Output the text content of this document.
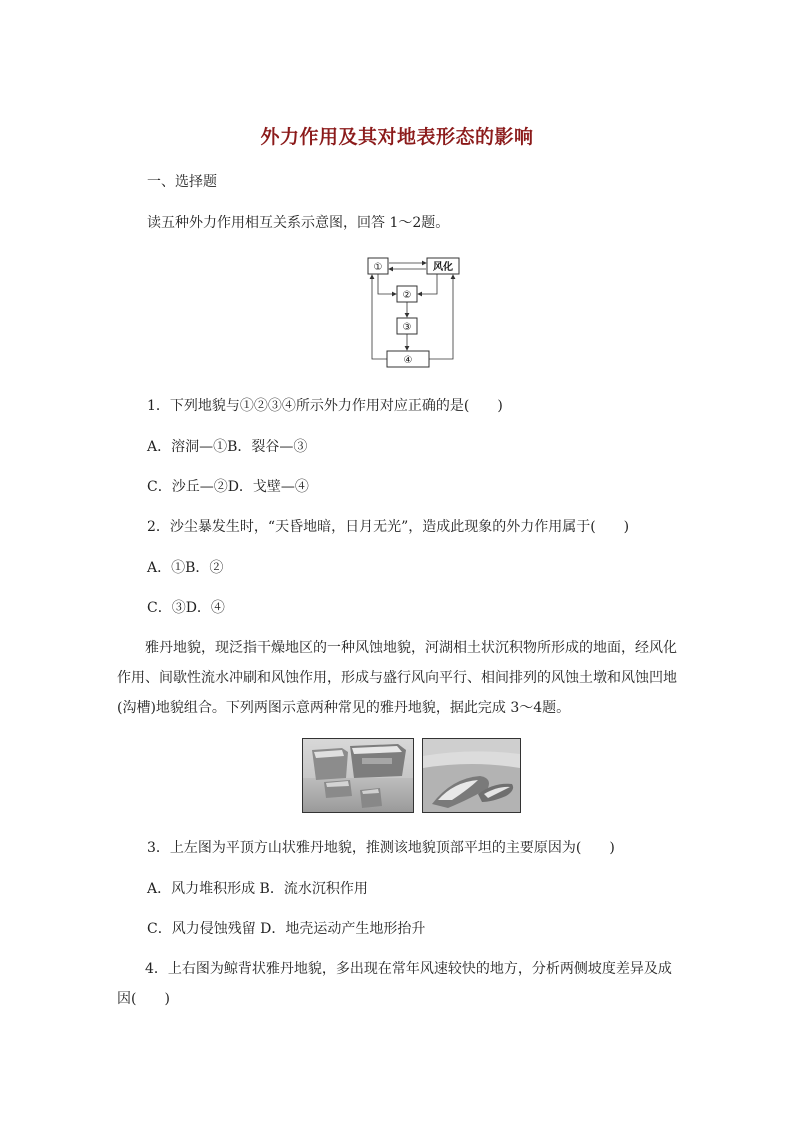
外力作用及其对地表形态的影响
一、选择题
读五种外力作用相互关系示意图，回答 1～2题。
①	风化
②
③
④
1．下列地貌与①②③④所示外力作用对应正确的是(　　)
A．溶洞—①B．裂谷—③
C．沙丘—②D．戈壁—④
2．沙尘暴发生时，“天昏地暗，日月无光”，造成此现象的外力作用属于(　　)
A．①B．②
C．③D．④
雅丹地貌，现泛指干燥地区的一种风蚀地貌，河湖相土状沉积物所形成的地面，经风化作用、间歇性流水冲刷和风蚀作用，形成与盛行风向平行、相间排列的风蚀土墩和风蚀凹地(沟槽)地貌组合。下列两图示意两种常见的雅丹地貌，据此完成 3～4题。
3．上左图为平顶方山状雅丹地貌，推测该地貌顶部平坦的主要原因为(　　)
A．风力堆积形成 B．流水沉积作用
C．风力侵蚀残留 D．地壳运动产生地形抬升
4．上右图为鲸背状雅丹地貌，多出现在常年风速较快的地方，分析两侧坡度差异及成因(　　)
